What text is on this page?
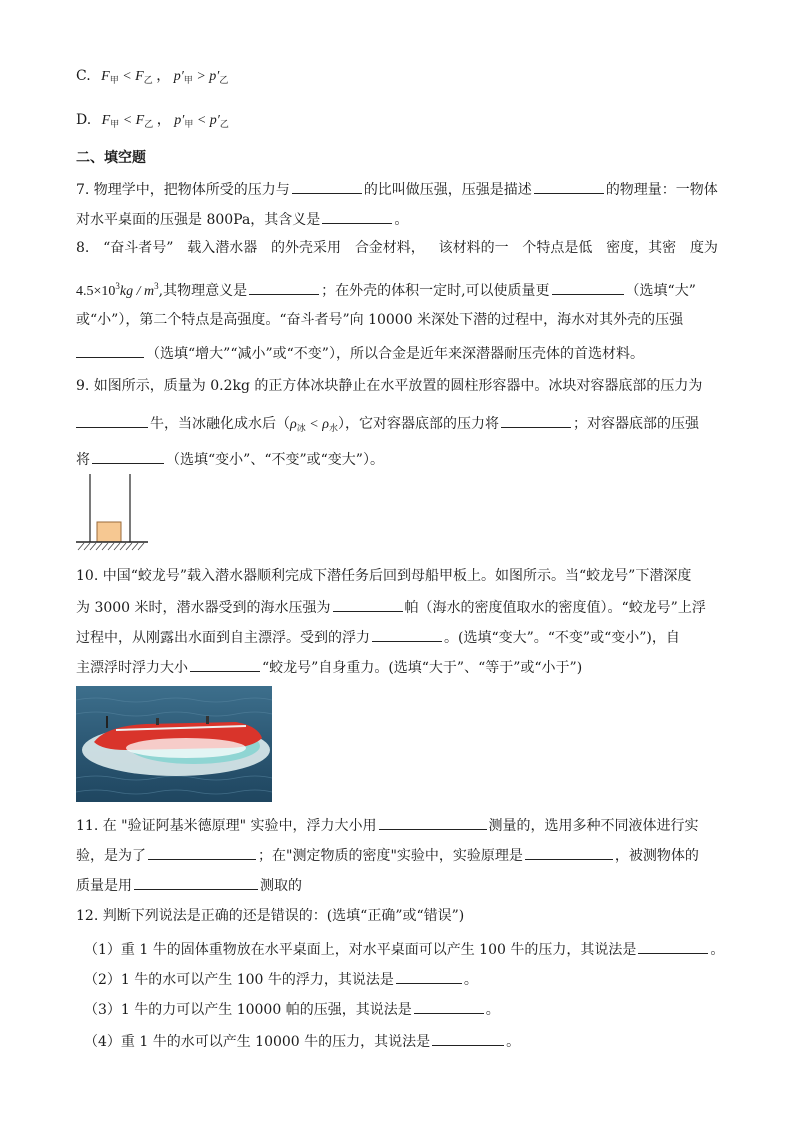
C. $F_甲 < F_乙$ ， $p'_甲 > p'_乙$
D. $F_甲 < F_乙$ ， $p'_甲 < p'_乙$
二、填空题
7. 物理学中，把物体所受的压力与	的比叫做压强，压强是描述	的物理量：一物体
对水平桌面的压强是 800Pa，其含义是	。
8. “奋斗者号” 载入潜水器 的外壳采用 合金材料， 该材料的一 个特点是低 密度，其密 度为
$4.5\times 10^3kg / m^3$,其物理意义是	；在外壳的体积一定时,可以使质量更	（选填“大”
或“小”），第二个特点是高强度。“奋斗者号”向 10000 米深处下潜的过程中，海水对其外壳的压强
（选填“增大”“减小”或“不变”），所以合金是近年来深潜器耐压壳体的首选材料。
9. 如图所示，质量为 0.2kg 的正方体冰块静止在水平放置的圆柱形容器中。冰块对容器底部的压力为
牛，当冰融化成水后$(\rho_冰 < \rho_水)$，它对容器底部的压力将	；对容器底部的压强
将	（选填“变小”、“不变”或“变大”）。
10. 中国“蛟龙号”载入潜水器顺利完成下潜任务后回到母船甲板上。如图所示。当“蛟龙号”下潜深度
为 3000 米时，潜水器受到的海水压强为	帕（海水的密度值取水的密度值）。“蛟龙号”上浮
过程中，从刚露出水面到自主漂浮。受到的浮力	。(选填“变大”。“不变”或“变小”)，自
主漂浮时浮力大小	“蛟龙号”自身重力。(选填“大于”、“等于”或“小于”)
11. 在 "验证阿基米德原理" 实验中，浮力大小用	测量的，选用多种不同液体进行实
验，是为了	；在"测定物质的密度"实验中，实验原理是	，被测物体的
质量是用	测取的
12. 判断下列说法是正确的还是错误的：(选填“正确”或“错误”)
（1）重 1 牛的固体重物放在水平桌面上，对水平桌面可以产生 100 牛的压力，其说法是	。
（2）1 牛的水可以产生 100 牛的浮力，其说法是	。
（3）1 牛的力可以产生 10000 帕的压强，其说法是	。
（4）重 1 牛的水可以产生 10000 牛的压力，其说法是	。
